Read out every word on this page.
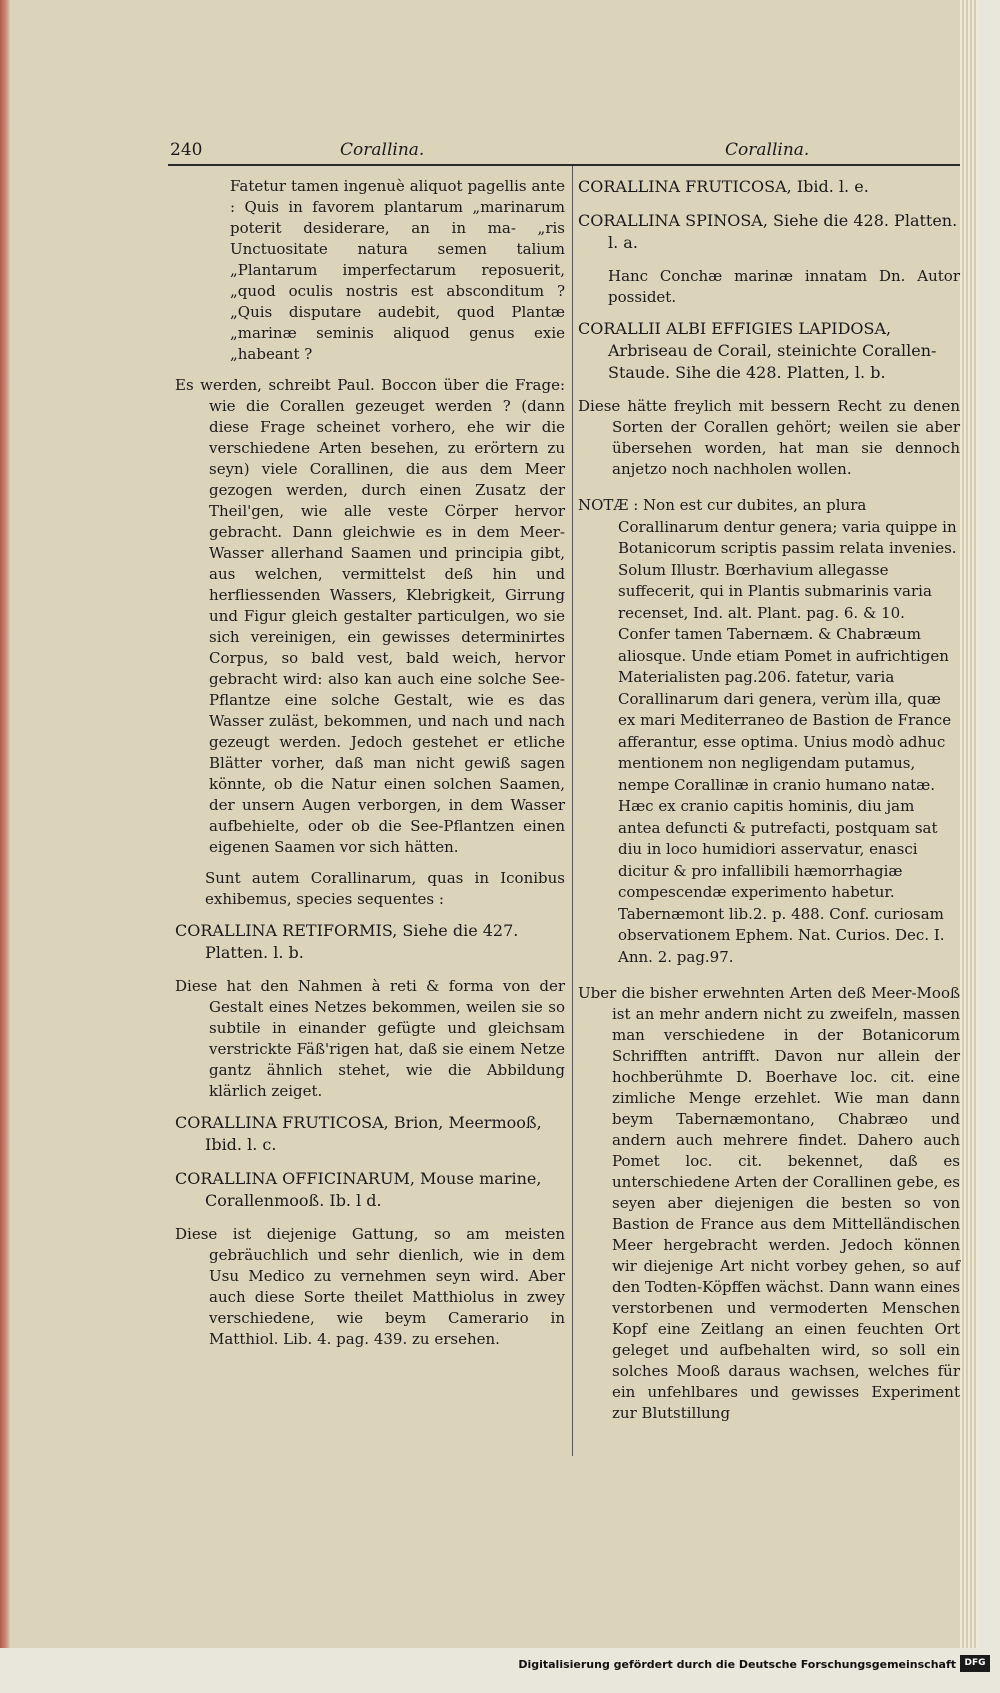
240	Corallina.	Corallina.

Fatetur tamen ingenuè aliquot pagellis ante : Quis in favorem plantarum „marinarum poterit desiderare, an in ma- „ris Unctuositate natura semen talium „Plantarum imperfectarum reposuerit, „quod oculis nostris est absconditum ? „Quis disputare audebit, quod Plantæ „marinæ seminis aliquod genus exie „habeant ?

Es werden, schreibt Paul. Boccon über die Frage: wie die Corallen gezeuget werden ? (dann diese Frage scheinet vorhero, ehe wir die verschiedene Arten besehen, zu erörtern zu seyn) viele Corallinen, die aus dem Meer gezogen werden, durch einen Zusatz der Theil'gen, wie alle veste Cörper hervor gebracht. Dann gleichwie es in dem Meer-Wasser allerhand Saamen und principia gibt, aus welchen, vermittelst deß hin und herfliessenden Wassers, Klebrigkeit, Girrung und Figur gleich gestalter particulgen, wo sie sich vereinigen, ein gewisses determinirtes Corpus, so bald vest, bald weich, hervor gebracht wird: also kan auch eine solche See-Pflantze eine solche Gestalt, wie es das Wasser zuläst, bekommen, und nach und nach gezeugt werden. Jedoch gestehet er etliche Blätter vorher, daß man nicht gewiß sagen könnte, ob die Natur einen solchen Saamen, der unsern Augen verborgen, in dem Wasser aufbehielte, oder ob die See-Pflantzen einen eigenen Saamen vor sich hätten.

Sunt autem Corallinarum, quas in Iconibus exhibemus, species sequentes :

CORALLINA RETIFORMIS, Siehe die 427. Platten. l. b.

Diese hat den Nahmen à reti & forma von der Gestalt eines Netzes bekommen, weilen sie so subtile in einander gefügte und gleichsam verstrickte Fäß'rigen hat, daß sie einem Netze gantz ähnlich stehet, wie die Abbildung klärlich zeiget.

CORALLINA FRUTICOSA, Brion, Meermooß, Ibid. l. c.

CORALLINA OFFICINARUM, Mouse marine, Corallenmooß. Ib. l d.

Diese ist diejenige Gattung, so am meisten gebräuchlich und sehr dienlich, wie in dem Usu Medico zu vernehmen seyn wird. Aber auch diese Sorte theilet Matthiolus in zwey verschiedene, wie beym Camerario in Matthiol. Lib. 4. pag. 439. zu ersehen.

CORALLINA FRUTICOSA, Ibid. l. e.

CORALLINA SPINOSA, Siehe die 428. Platten. l. a.

Hanc Conchæ marinæ innatam Dn. Autor possidet.

CORALLII ALBI EFFIGIES LAPIDOSA, Arbriseau de Corail, steinichte Corallen-Staude. Sihe die 428. Platten, l. b.

Diese hätte freylich mit bessern Recht zu denen Sorten der Corallen gehört; weilen sie aber übersehen worden, hat man sie dennoch anjetzo noch nachholen wollen.

NOTÆ : Non est cur dubites, an plura Corallinarum dentur genera; varia quippe in Botanicorum scriptis passim relata invenies. Solum Illustr. Bœrhavium allegasse suffecerit, qui in Plantis submarinis varia recenset, Ind. alt. Plant. pag. 6. & 10. Confer tamen Tabernæm. & Chabræum aliosque. Unde etiam Pomet in aufrichtigen Materialisten pag.206. fatetur, varia Corallinarum dari genera, verùm illa, quæ ex mari Mediterraneo de Bastion de France afferantur, esse optima. Unius modò adhuc mentionem non negligendam putamus, nempe Corallinæ in cranio humano natæ. Hæc ex cranio capitis hominis, diu jam antea defuncti & putrefacti, postquam sat diu in loco humidiori asservatur, enasci dicitur & pro infallibili hæmorrhagiæ compescendæ experimento habetur. Tabernæmont lib.2. p. 488. Conf. curiosam observationem Ephem. Nat. Curios. Dec. I. Ann. 2. pag.97.

Uber die bisher erwehnten Arten deß Meer-Mooß ist an mehr andern nicht zu zweifeln, massen man verschiedene in der Botanicorum Schrifften antrifft. Davon nur allein der hochberühmte D. Boerhave loc. cit. eine zimliche Menge erzehlet. Wie man dann beym Tabernæmontano, Chabræo und andern auch mehrere findet. Dahero auch Pomet loc. cit. bekennet, daß es unterschiedene Arten der Corallinen gebe, es seyen aber diejenigen die besten so von Bastion de France aus dem Mittelländischen Meer hergebracht werden. Jedoch können wir diejenige Art nicht vorbey gehen, so auf den Todten-Köpffen wächst. Dann wann eines verstorbenen und vermoderten Menschen Kopf eine Zeitlang an einen feuchten Ort geleget und aufbehalten wird, so soll ein solches Mooß daraus wachsen, welches für ein unfehlbares und gewisses Experiment zur Blutstillung

Digitalisierung gefördert durch die Deutsche Forschungsgemeinschaft DFG
